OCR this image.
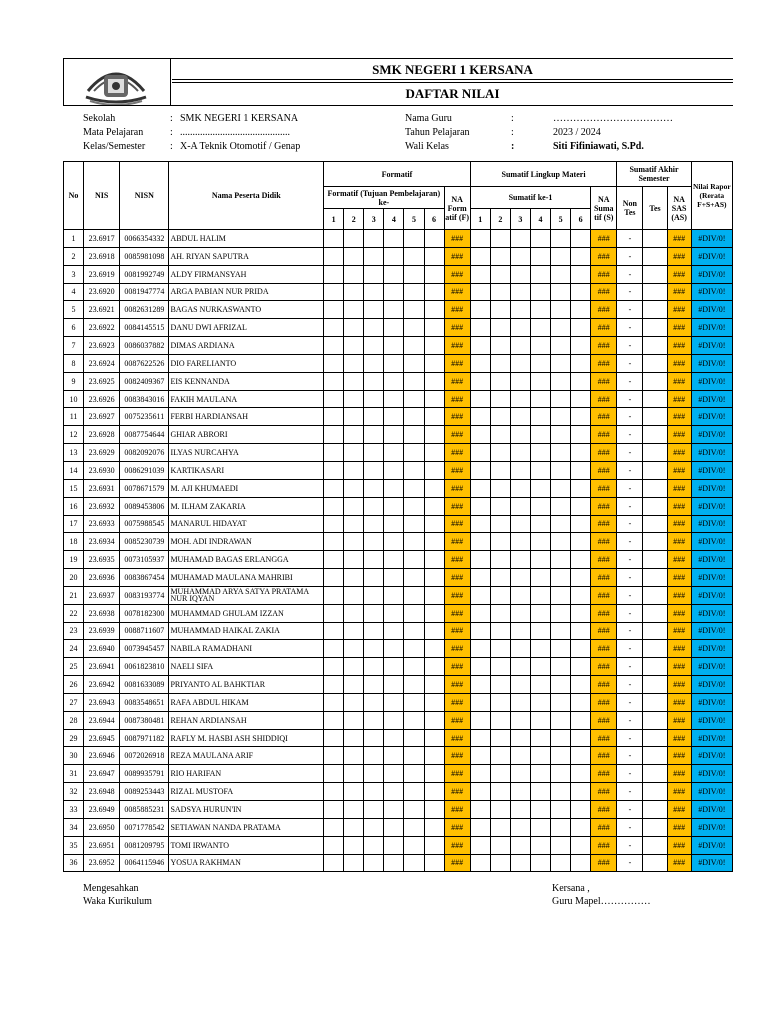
SMK NEGERI 1 KERSANA
DAFTAR NILAI
Sekolah	: SMK NEGERI 1 KERSANA
Mata Pelajaran	: ............................................
Kelas/Semester : X-A Teknik Otomotif / Genap
Nama Guru	:	………………………………
Tahun Pelajaran	:	2023 / 2024
Wali Kelas	:	Siti Fifiniawati, S.Pd.
No	NIS	NISN	Nama Peserta Didik	Formatif							Sumatif Lingkup Materi							Sumatif Akhir Semester			Nilai Rapor (Rerata F+S+AS)
				Formatif (Tujuan Pembelajaran) ke-						NA Form atif (F)	Sumatif ke-1						NA Suma tif (S)	Non Tes	Tes	NA SAS (AS)	
				1	2	3	4	5	6		1	2	3	4	5	6					
1	23.6917	0066354332	ABDUL HALIM							###							###	-		###	#DIV/0!
2	23.6918	0085981098	AH. RIYAN SAPUTRA							###							###	-		###	#DIV/0!
3	23.6919	0081992749	ALDY FIRMANSYAH							###							###	-		###	#DIV/0!
4	23.6920	0081947774	ARGA PABIAN NUR PRIDA							###							###	-		###	#DIV/0!
5	23.6921	0082631289	BAGAS NURKASWANTO							###							###	-		###	#DIV/0!
6	23.6922	0084145515	DANU DWI AFRIZAL							###							###	-		###	#DIV/0!
7	23.6923	0086037882	DIMAS ARDIANA							###							###	-		###	#DIV/0!
8	23.6924	0087622526	DIO FARELIANTO							###							###	-		###	#DIV/0!
9	23.6925	0082409367	EIS KENNANDA							###							###	-		###	#DIV/0!
10	23.6926	0083843016	FAKIH MAULANA							###							###	-		###	#DIV/0!
11	23.6927	0075235611	FERBI HARDIANSAH							###							###	-		###	#DIV/0!
12	23.6928	0087754644	GHIAR ABRORI							###							###	-		###	#DIV/0!
13	23.6929	0082092076	ILYAS NURCAHYA							###							###	-		###	#DIV/0!
14	23.6930	0086291039	KARTIKASARI							###							###	-		###	#DIV/0!
15	23.6931	0078671579	M. AJI KHUMAEDI							###							###	-		###	#DIV/0!
16	23.6932	0089453806	M. ILHAM ZAKARIA							###							###	-		###	#DIV/0!
17	23.6933	0075988545	MANARUL HIDAYAT							###							###	-		###	#DIV/0!
18	23.6934	0085230739	MOH. ADI INDRAWAN							###							###	-		###	#DIV/0!
19	23.6935	0073105937	MUHAMAD BAGAS ERLANGGA							###							###	-		###	#DIV/0!
20	23.6936	0083867454	MUHAMAD MAULANA MAHRIBI							###							###	-		###	#DIV/0!
21	23.6937	0083193774	MUHAMMAD ARYA SATYA PRATAMA NUR IQYAN							###							###	-		###	#DIV/0!
22	23.6938	0078182300	MUHAMMAD GHULAM IZZAN							###							###	-		###	#DIV/0!
23	23.6939	0088711607	MUHAMMAD HAIKAL ZAKIA							###							###	-		###	#DIV/0!
24	23.6940	0073945457	NABILA RAMADHANI							###							###	-		###	#DIV/0!
25	23.6941	0061823810	NAELI SIFA							###							###	-		###	#DIV/0!
26	23.6942	0081633089	PRIYANTO AL BAHKTIAR							###							###	-		###	#DIV/0!
27	23.6943	0083548651	RAFA ABDUL HIKAM							###							###	-		###	#DIV/0!
28	23.6944	0087380481	REHAN ARDIANSAH							###							###	-		###	#DIV/0!
29	23.6945	0087971182	RAFLY M. HASBI ASH SHIDDIQI							###							###	-		###	#DIV/0!
30	23.6946	0072026918	REZA MAULANA ARIF							###							###	-		###	#DIV/0!
31	23.6947	0089935791	RIO HARIFAN							###							###	-		###	#DIV/0!
32	23.6948	0089253443	RIZAL MUSTOFA							###							###	-		###	#DIV/0!
33	23.6949	0085885231	SADSYA HURUN'IN							###							###	-		###	#DIV/0!
34	23.6950	0071778542	SETIAWAN NANDA PRATAMA							###							###	-		###	#DIV/0!
35	23.6951	0081209795	TOMI IRWANTO							###							###	-		###	#DIV/0!
36	23.6952	0064115946	YOSUA RAKHMAN							###							###	-		###	#DIV/0!
Mengesahkan
Waka Kurikulum
Kersana ,
Guru Mapel……………
